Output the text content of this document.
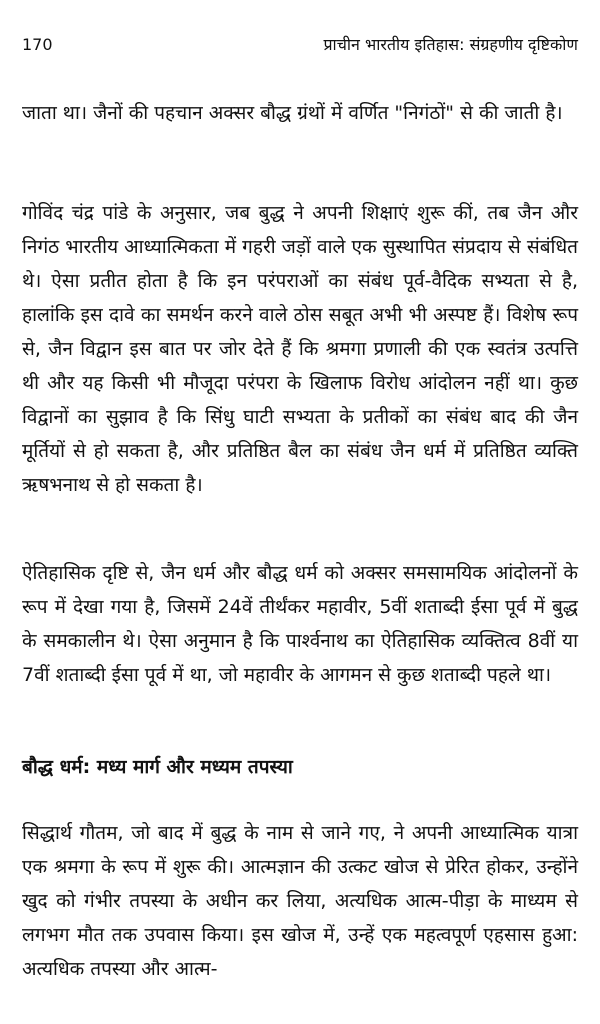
170	प्राचीन भारतीय इतिहास: संग्रहणीय दृष्टिकोण
जाता था। जैनों की पहचान अक्सर बौद्ध ग्रंथों में वर्णित "निगंठों" से की जाती है।
गोविंद चंद्र पांडे के अनुसार, जब बुद्ध ने अपनी शिक्षाएं शुरू कीं, तब जैन और निगंठ भारतीय आध्यात्मिकता में गहरी जड़ों वाले एक सुस्थापित संप्रदाय से संबंधित थे। ऐसा प्रतीत होता है कि इन परंपराओं का संबंध पूर्व-वैदिक सभ्यता से है, हालांकि इस दावे का समर्थन करने वाले ठोस सबूत अभी भी अस्पष्ट हैं। विशेष रूप से, जैन विद्वान इस बात पर जोर देते हैं कि श्रमगा प्रणाली की एक स्वतंत्र उत्पत्ति थी और यह किसी भी मौजूदा परंपरा के खिलाफ विरोध आंदोलन नहीं था। कुछ विद्वानों का सुझाव है कि सिंधु घाटी सभ्यता के प्रतीकों का संबंध बाद की जैन मूर्तियों से हो सकता है, और प्रतिष्ठित बैल का संबंध जैन धर्म में प्रतिष्ठित व्यक्ति ऋषभनाथ से हो सकता है।
ऐतिहासिक दृष्टि से, जैन धर्म और बौद्ध धर्म को अक्सर समसामयिक आंदोलनों के रूप में देखा गया है, जिसमें 24वें तीर्थंकर महावीर, 5वीं शताब्दी ईसा पूर्व में बुद्ध के समकालीन थे। ऐसा अनुमान है कि पार्श्वनाथ का ऐतिहासिक व्यक्तित्व 8वीं या 7वीं शताब्दी ईसा पूर्व में था, जो महावीर के आगमन से कुछ शताब्दी पहले था।
बौद्ध धर्म: मध्य मार्ग और मध्यम तपस्या
सिद्धार्थ गौतम, जो बाद में बुद्ध के नाम से जाने गए, ने अपनी आध्यात्मिक यात्रा एक श्रमगा के रूप में शुरू की। आत्मज्ञान की उत्कट खोज से प्रेरित होकर, उन्होंने खुद को गंभीर तपस्या के अधीन कर लिया, अत्यधिक आत्म-पीड़ा के माध्यम से लगभग मौत तक उपवास किया। इस खोज में, उन्हें एक महत्वपूर्ण एहसास हुआ: अत्यधिक तपस्या और आत्म-
